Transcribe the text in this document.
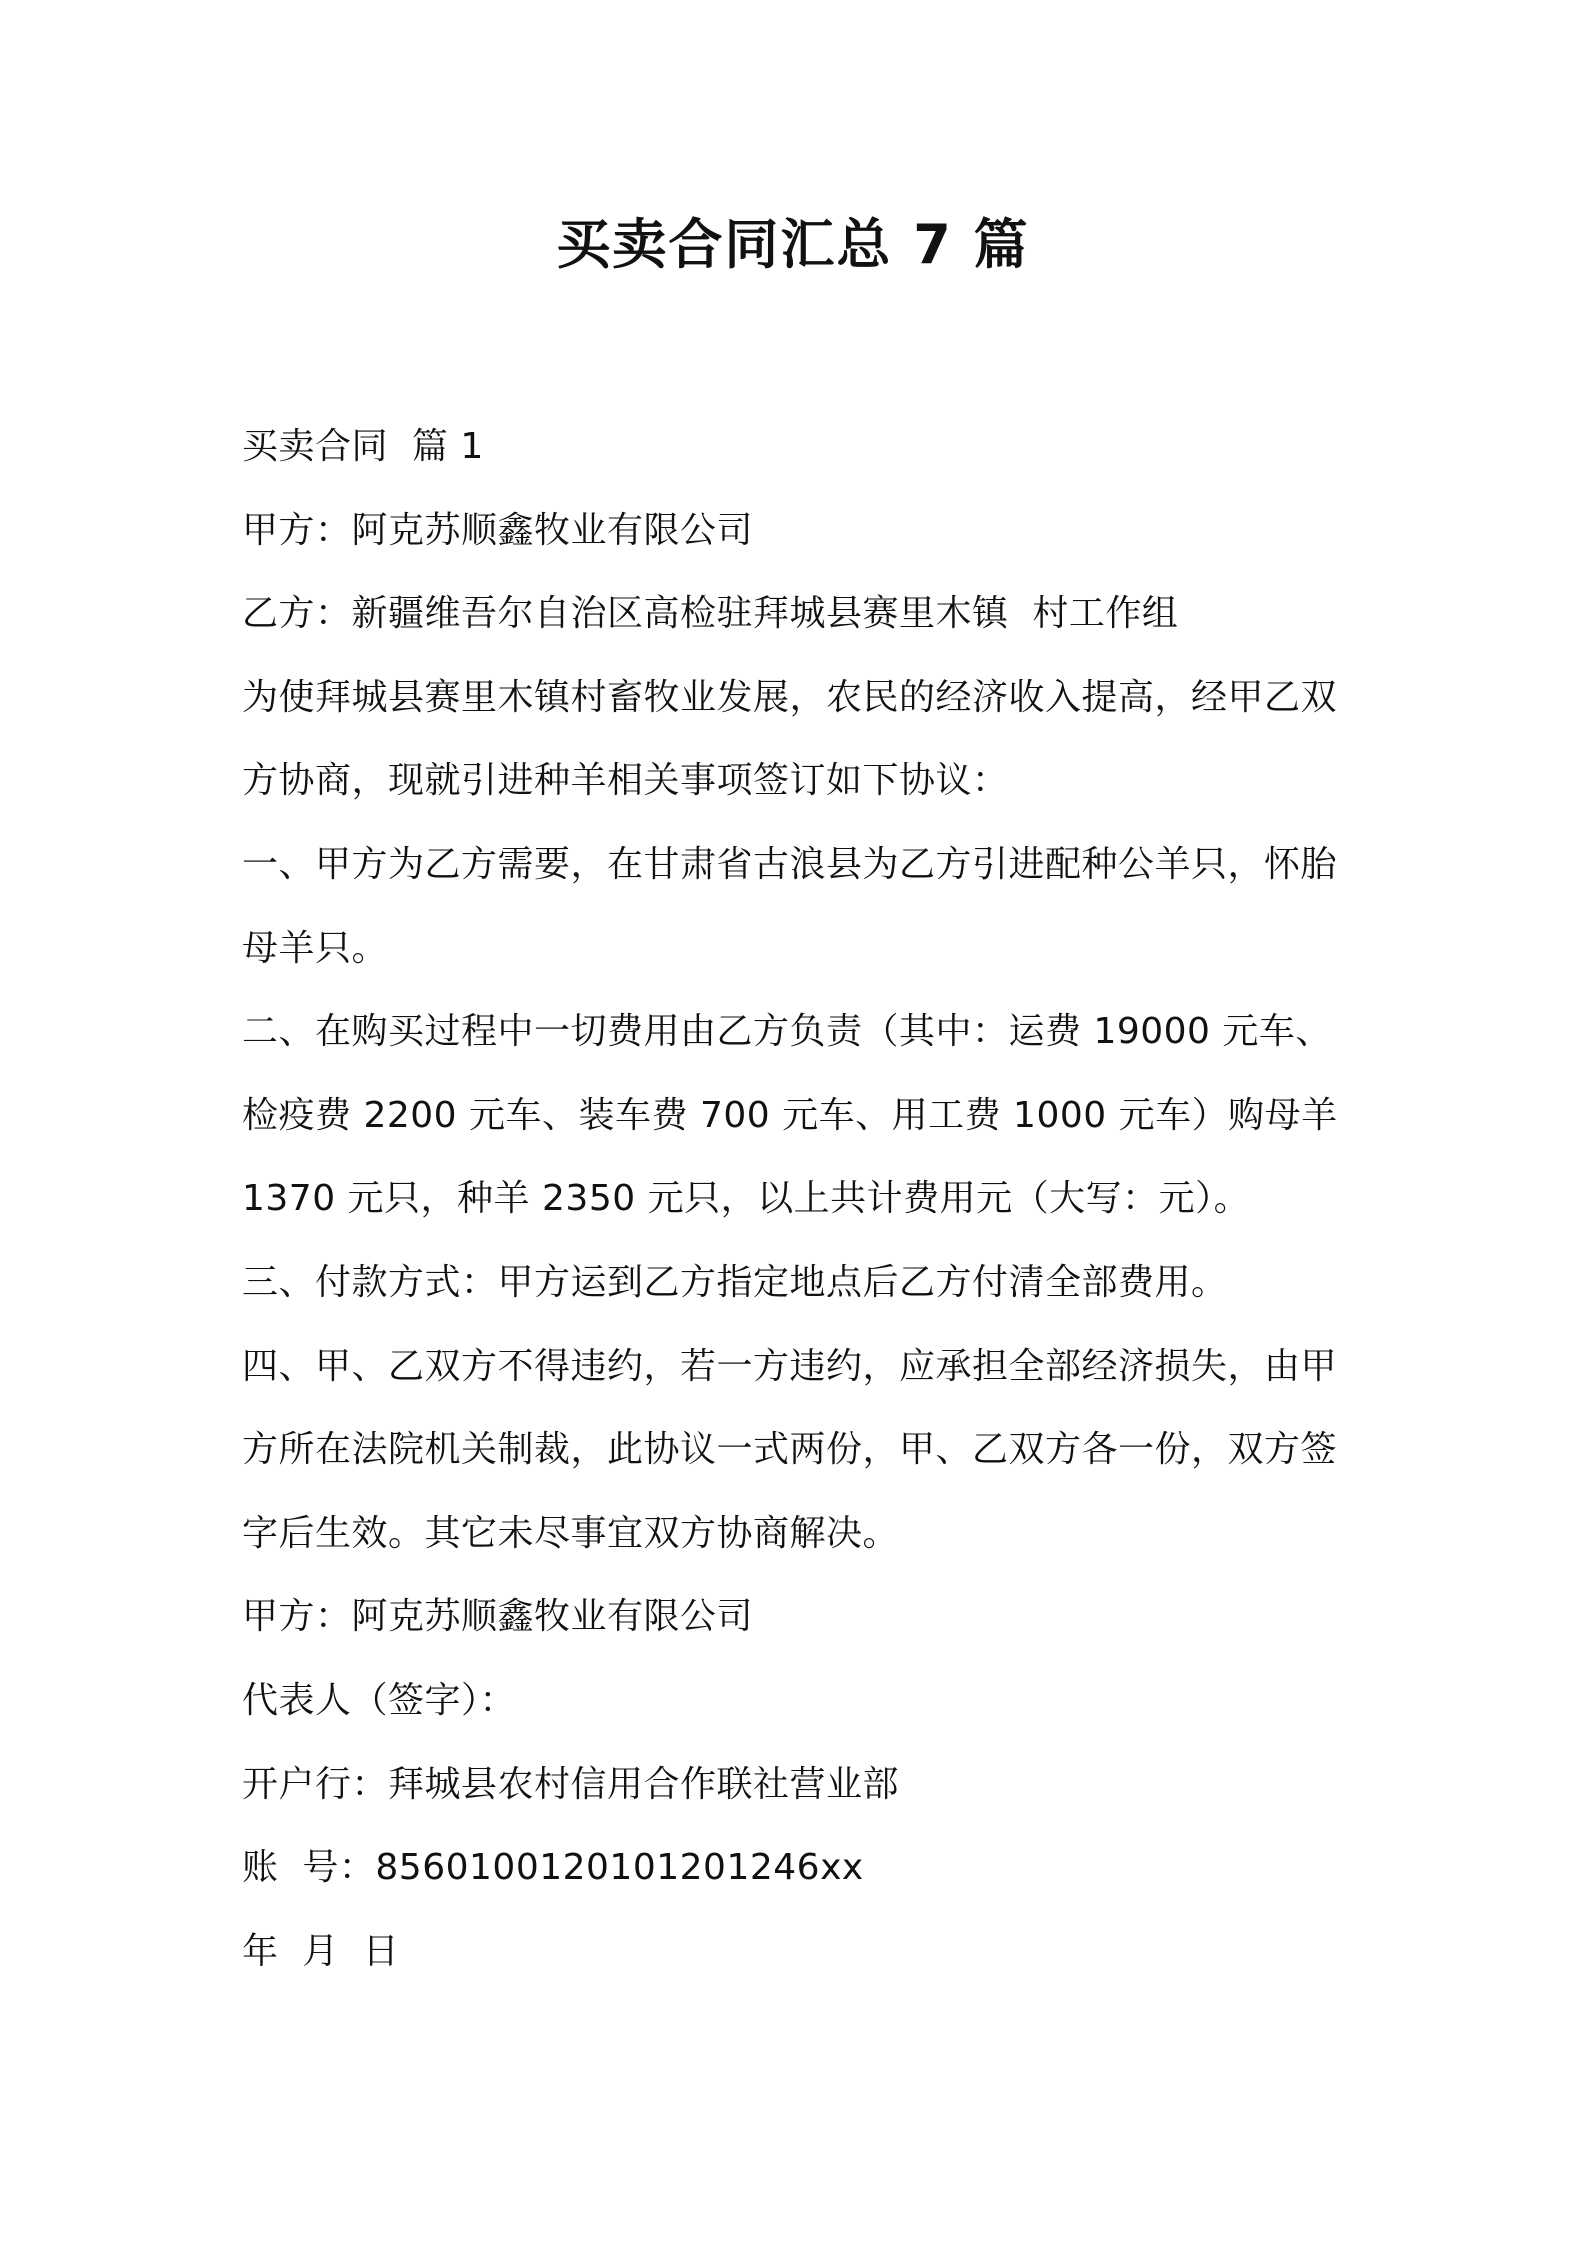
买卖合同汇总 7 篇

买卖合同  篇 1

甲方：阿克苏顺鑫牧业有限公司

乙方：新疆维吾尔自治区高检驻拜城县赛里木镇  村工作组

为使拜城县赛里木镇村畜牧业发展，农民的经济收入提高，经甲乙双方协商，现就引进种羊相关事项签订如下协议：

一、甲方为乙方需要，在甘肃省古浪县为乙方引进配种公羊只，怀胎母羊只。

二、在购买过程中一切费用由乙方负责（其中：运费 19000 元车、检疫费 2200 元车、装车费 700 元车、用工费 1000 元车）购母羊 1370 元只，种羊 2350 元只，以上共计费用元（大写：元）。

三、付款方式：甲方运到乙方指定地点后乙方付清全部费用。

四、甲、乙双方不得违约，若一方违约，应承担全部经济损失，由甲方所在法院机关制裁，此协议一式两份，甲、乙双方各一份，双方签字后生效。其它未尽事宜双方协商解决。

甲方：阿克苏顺鑫牧业有限公司

代表人（签字）：

开户行：拜城县农村信用合作联社营业部

账  号：856010012010120124​6xx

年  月  日
